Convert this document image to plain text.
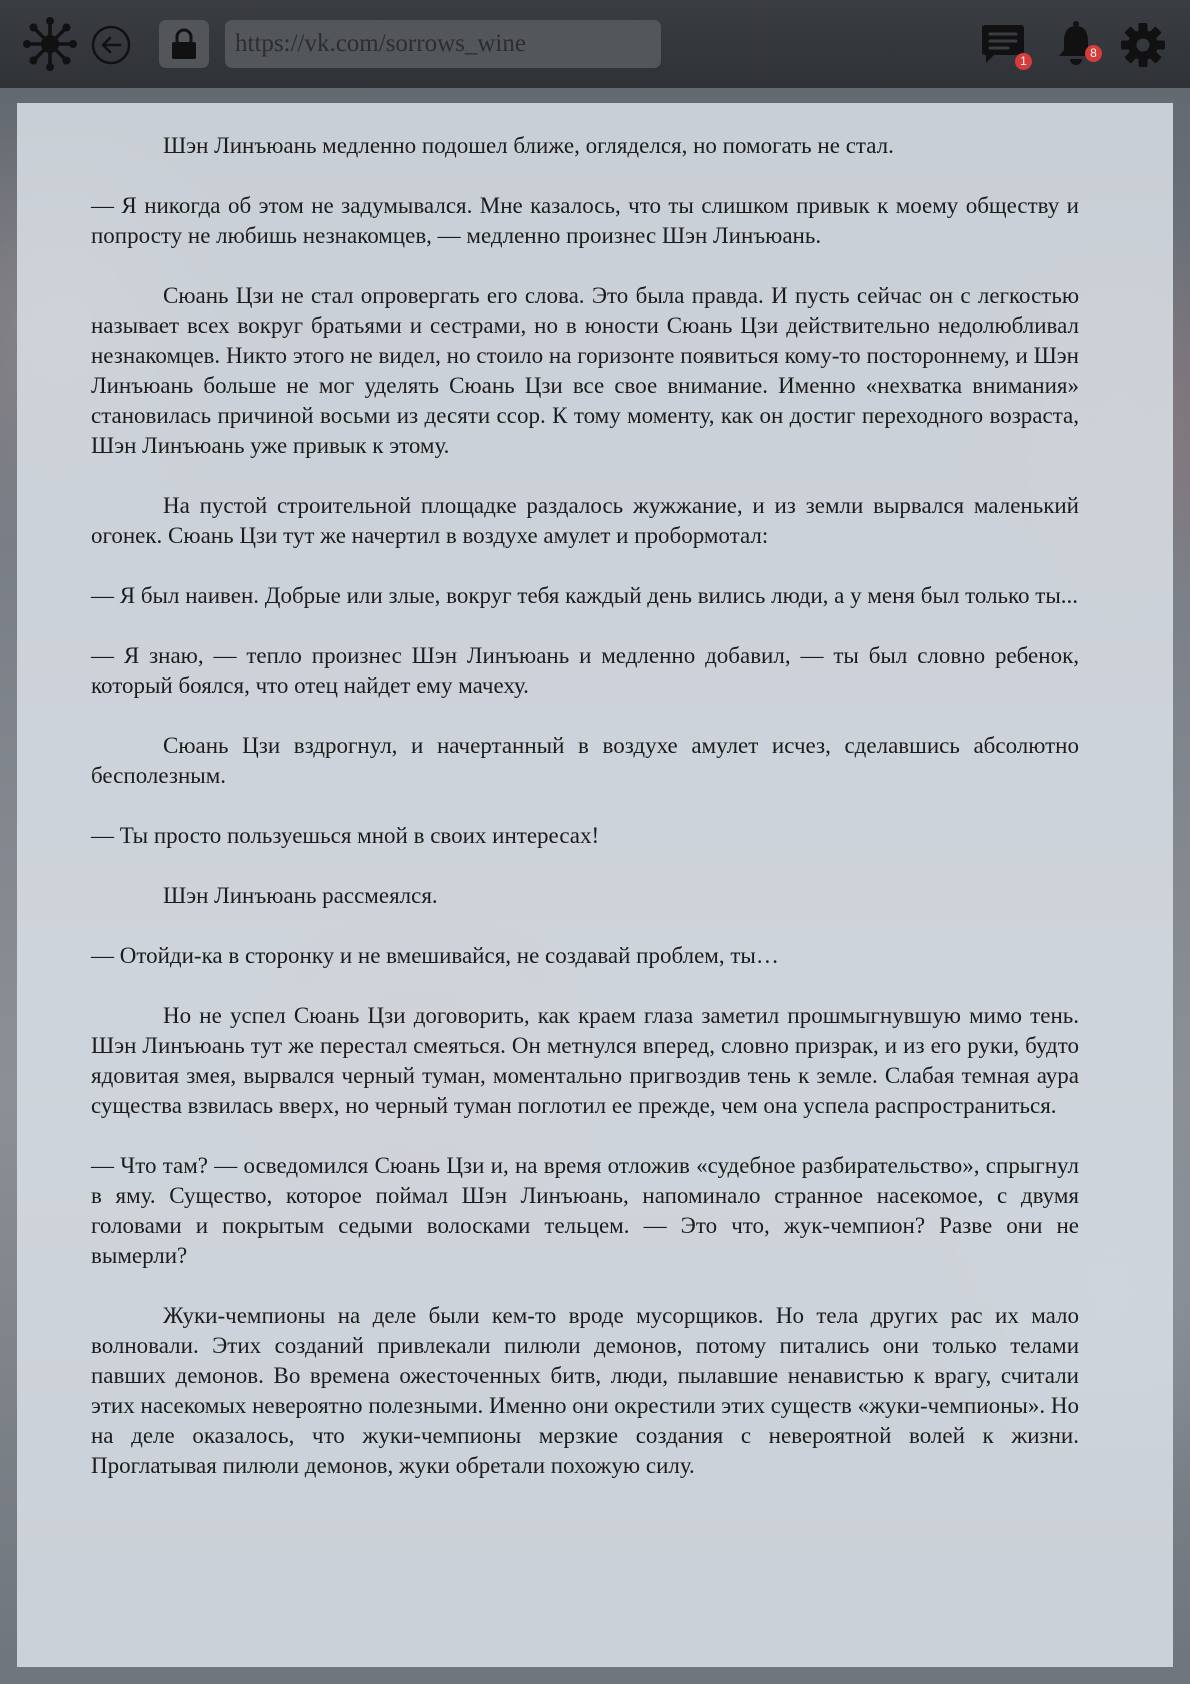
https://vk.com/sorrows_wine
1
8

Шэн Линъюань медленно подошел ближе, огляделся, но помогать не стал.

— Я никогда об этом не задумывался. Мне казалось, что ты слишком привык к моему обществу и попросту не любишь незнакомцев, — медленно произнес Шэн Линъюань.

Сюань Цзи не стал опровергать его слова. Это была правда. И пусть сейчас он с легкостью называет всех вокруг братьями и сестрами, но в юности Сюань Цзи действительно недолюбливал незнакомцев. Никто этого не видел, но стоило на горизонте появиться кому-то постороннему, и Шэн Линъюань больше не мог уделять Сюань Цзи все свое внимание. Именно «нехватка внимания» становилась причиной восьми из десяти ссор. К тому моменту, как он достиг переходного возраста, Шэн Линъюань уже привык к этому.

На пустой строительной площадке раздалось жужжание, и из земли вырвался маленький огонек. Сюань Цзи тут же начертил в воздухе амулет и пробормотал:

— Я был наивен. Добрые или злые, вокруг тебя каждый день вились люди, а у меня был только ты...

— Я знаю, — тепло произнес Шэн Линъюань и медленно добавил, — ты был словно ребенок, который боялся, что отец найдет ему мачеху.

Сюань Цзи вздрогнул, и начертанный в воздухе амулет исчез, сделавшись абсолютно бесполезным.

— Ты просто пользуешься мной в своих интересах!

Шэн Линъюань рассмеялся.

— Отойди-ка в сторонку и не вмешивайся, не создавай проблем, ты…

Но не успел Сюань Цзи договорить, как краем глаза заметил прошмыгнувшую мимо тень. Шэн Линъюань тут же перестал смеяться. Он метнулся вперед, словно призрак, и из его руки, будто ядовитая змея, вырвался черный туман, моментально пригвоздив тень к земле. Слабая темная аура существа взвилась вверх, но черный туман поглотил ее прежде, чем она успела распространиться.

— Что там? — осведомился Сюань Цзи и, на время отложив «судебное разбирательство», спрыгнул в яму. Существо, которое поймал Шэн Линъюань, напоминало странное насекомое, с двумя головами и покрытым седыми волосками тельцем. — Это что, жук-чемпион? Разве они не вымерли?

Жуки-чемпионы на деле были кем-то вроде мусорщиков. Но тела других рас их мало волновали. Этих созданий привлекали пилюли демонов, потому питались они только телами павших демонов. Во времена ожесточенных битв, люди, пылавшие ненавистью к врагу, считали этих насекомых невероятно полезными. Именно они окрестили этих существ «жуки-чемпионы». Но на деле оказалось, что жуки-чемпионы мерзкие создания с невероятной волей к жизни. Проглатывая пилюли демонов, жуки обретали похожую силу.
